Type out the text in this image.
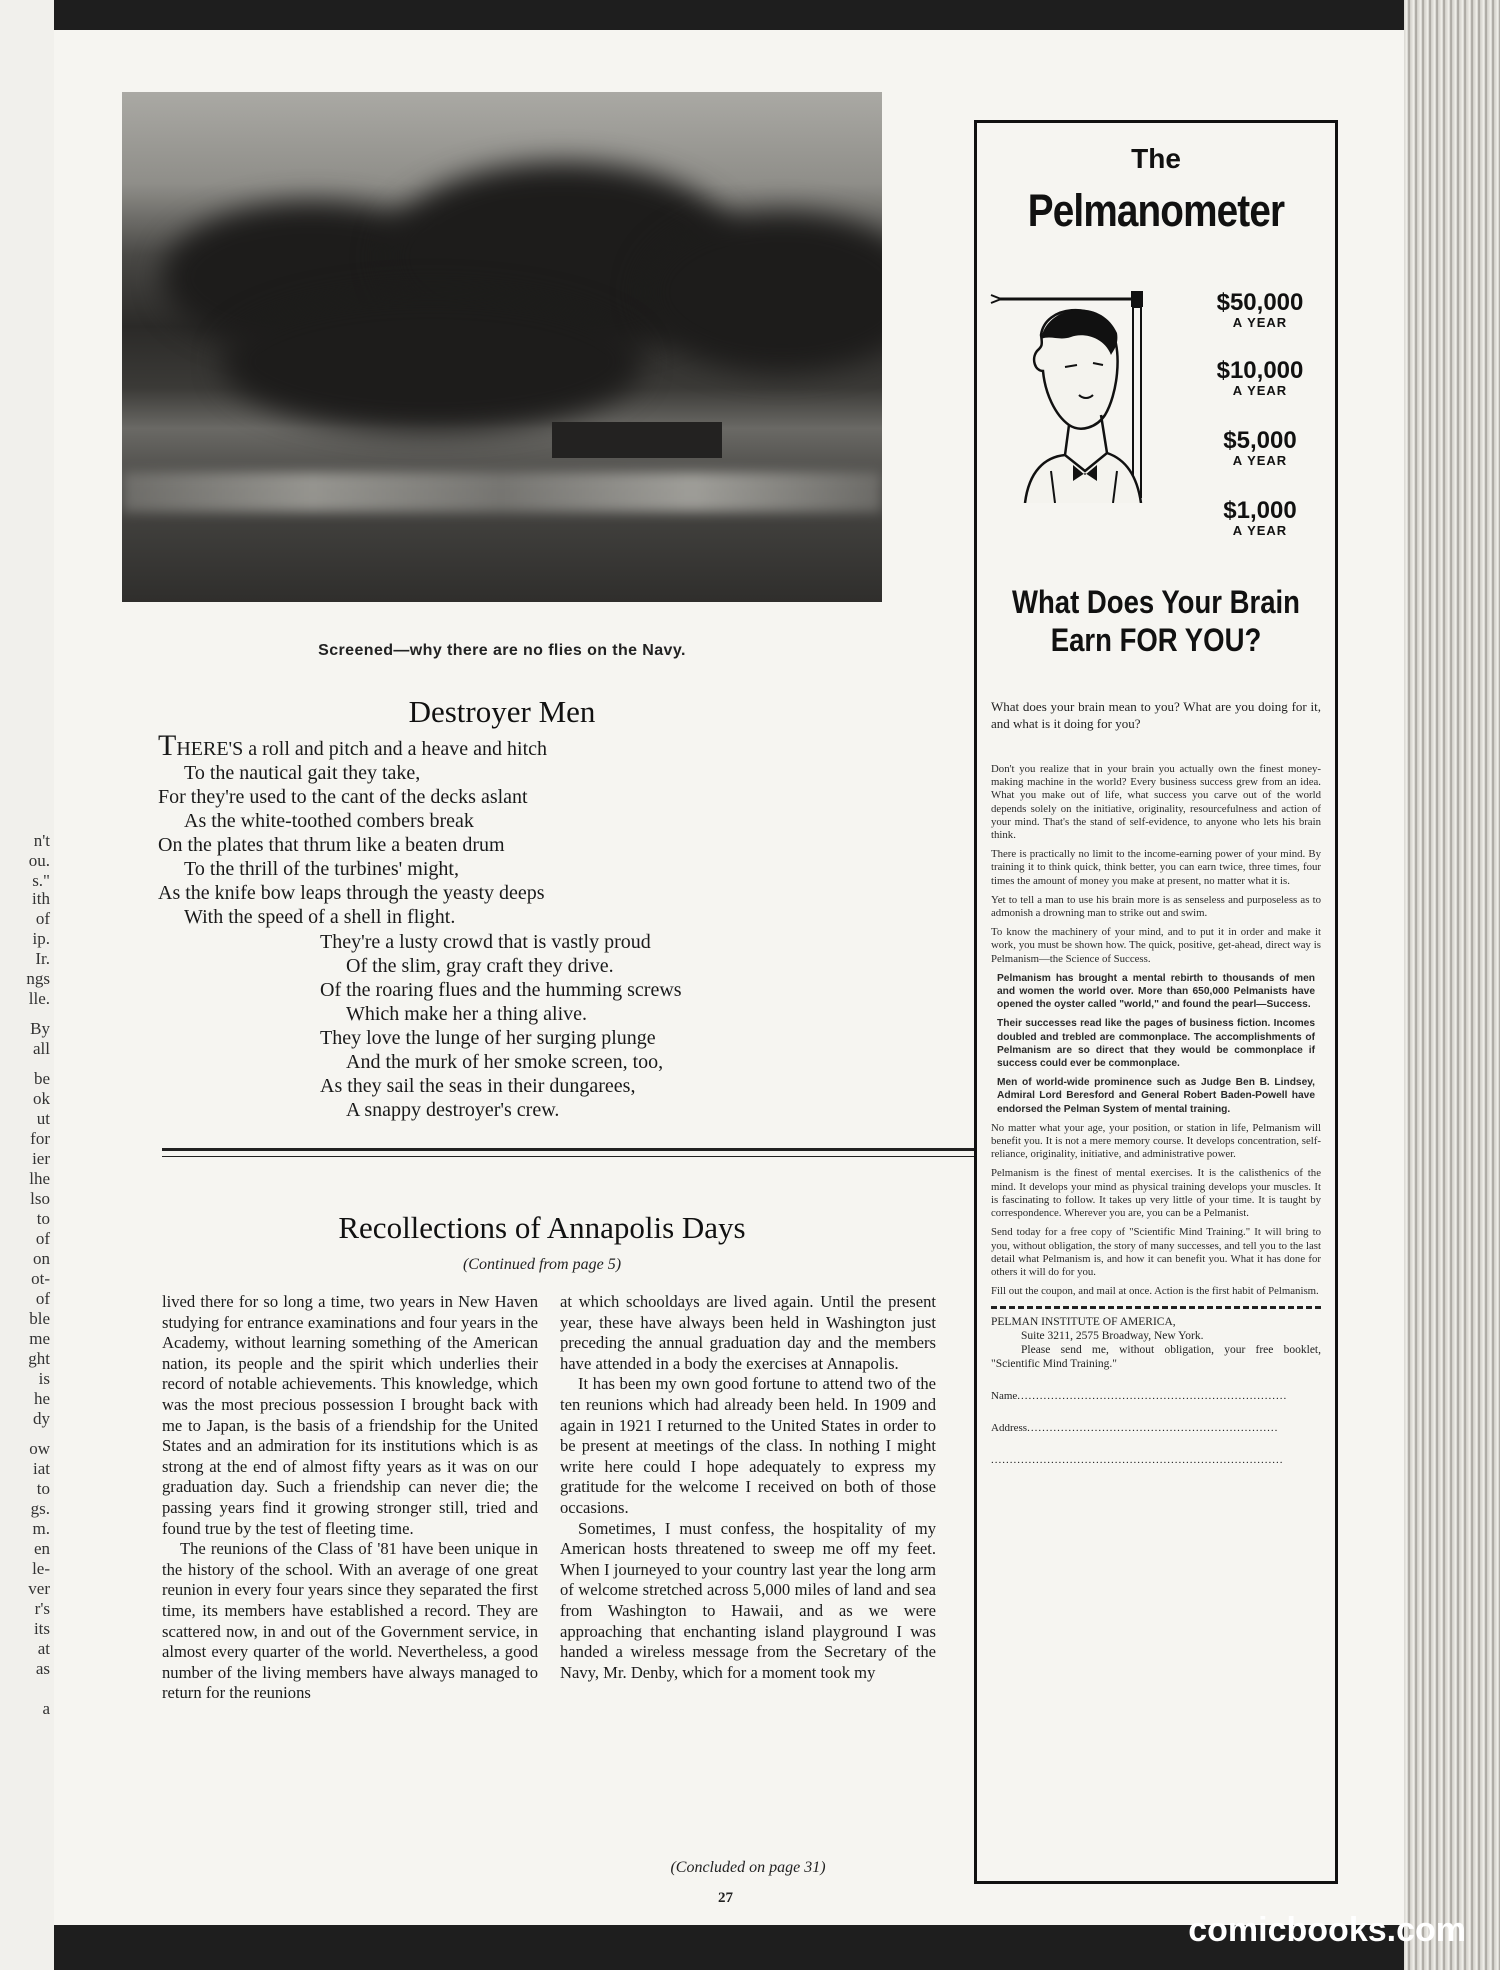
n't
ou.
s."
ith
of
ip.
Ir.
ngs
lle.
By
all
be
ok
ut
for
ier
lhe
lso
to
of
on
ot-
of
ble
me
ght
is
he
dy
ow
iat
to
gs.
m.
en
le-
ver
r's
its
at
as
a
Screened—why there are no flies on the Navy.
Destroyer Men
THERE'S a roll and pitch and a heave and hitch
To the nautical gait they take,
For they're used to the cant of the decks aslant
As the white-toothed combers break
On the plates that thrum like a beaten drum
To the thrill of the turbines' might,
As the knife bow leaps through the yeasty deeps
With the speed of a shell in flight.
They're a lusty crowd that is vastly proud
Of the slim, gray craft they drive.
Of the roaring flues and the humming screws
Which make her a thing alive.
They love the lunge of her surging plunge
And the murk of her smoke screen, too,
As they sail the seas in their dungarees,
A snappy destroyer's crew.
Recollections of Annapolis Days
(Continued from page 5)

lived there for so long a time, two years in New Haven studying for entrance examinations and four years in the Academy, without learning something of the American nation, its people and the spirit which underlies their record of notable achievements. This knowledge, which was the most precious possession I brought back with me to Japan, is the basis of a friendship for the United States and an admiration for its institutions which is as strong at the end of almost fifty years as it was on our graduation day. Such a friendship can never die; the passing years find it growing stronger still, tried and found true by the test of fleeting time.

The reunions of the Class of '81 have been unique in the history of the school. With an average of one great reunion in every four years since they separated the first time, its members have established a record. They are scattered now, in and out of the Government service, in almost every quarter of the world. Nevertheless, a good number of the living members have always managed to return for the reunions

at which schooldays are lived again. Until the present year, these have always been held in Washington just preceding the annual graduation day and the members have attended in a body the exercises at Annapolis.

It has been my own good fortune to attend two of the ten reunions which had already been held. In 1909 and again in 1921 I returned to the United States in order to be present at meetings of the class. In nothing I might write here could I hope adequately to express my gratitude for the welcome I received on both of those occasions.

Sometimes, I must confess, the hospitality of my American hosts threatened to sweep me off my feet. When I journeyed to your country last year the long arm of welcome stretched across 5,000 miles of land and sea from Washington to Hawaii, and as we were approaching that enchanting island playground I was handed a wireless message from the Secretary of the Navy, Mr. Denby, which for a moment took my

(Concluded on page 31)
27
The
Pelmanometer
$50,000
A YEAR
$10,000
A YEAR
$5,000
A YEAR
$1,000
A YEAR
What Does Your Brain
Earn FOR YOU?
What does your brain mean to you? What are you doing for it, and what is it doing for you?

Don't you realize that in your brain you actually own the finest money-making machine in the world? Every business success grew from an idea. What you make out of life, what success you carve out of the world depends solely on the initiative, originality, resourcefulness and action of your mind. That's the stand of self-evidence, to anyone who lets his brain think.

There is practically no limit to the income-earning power of your mind. By training it to think quick, think better, you can earn twice, three times, four times the amount of money you make at present, no matter what it is.

Yet to tell a man to use his brain more is as senseless and purposeless as to admonish a drowning man to strike out and swim.

To know the machinery of your mind, and to put it in order and make it work, you must be shown how. The quick, positive, get-ahead, direct way is Pelmanism—the Science of Success.

Pelmanism has brought a mental rebirth to thousands of men and women the world over. More than 650,000 Pelmanists have opened the oyster called "world," and found the pearl—Success.

Their successes read like the pages of business fiction. Incomes doubled and trebled are commonplace. The accomplishments of Pelmanism are so direct that they would be commonplace if success could ever be commonplace.

Men of world-wide prominence such as Judge Ben B. Lindsey, Admiral Lord Beresford and General Robert Baden-Powell have endorsed the Pelman System of mental training.

No matter what your age, your position, or station in life, Pelmanism will benefit you. It is not a mere memory course. It develops concentration, self-reliance, originality, initiative, and administrative power.

Pelmanism is the finest of mental exercises. It is the calisthenics of the mind. It develops your mind as physical training develops your muscles. It is fascinating to follow. It takes up very little of your time. It is taught by correspondence. Wherever you are, you can be a Pelmanist.

Send today for a free copy of "Scientific Mind Training." It will bring to you, without obligation, the story of many successes, and tell you to the last detail what Pelmanism is, and how it can benefit you. What it has done for others it will do for you.

Fill out the coupon, and mail at once. Action is the first habit of Pelmanism.

PELMAN INSTITUTE OF AMERICA,
Suite 3211, 2575 Broadway, New York.
Please send me, without obligation, your free booklet, "Scientific Mind Training."
Name........................................................................
Address...................................................................
..............................................................................
comicbooks.com
